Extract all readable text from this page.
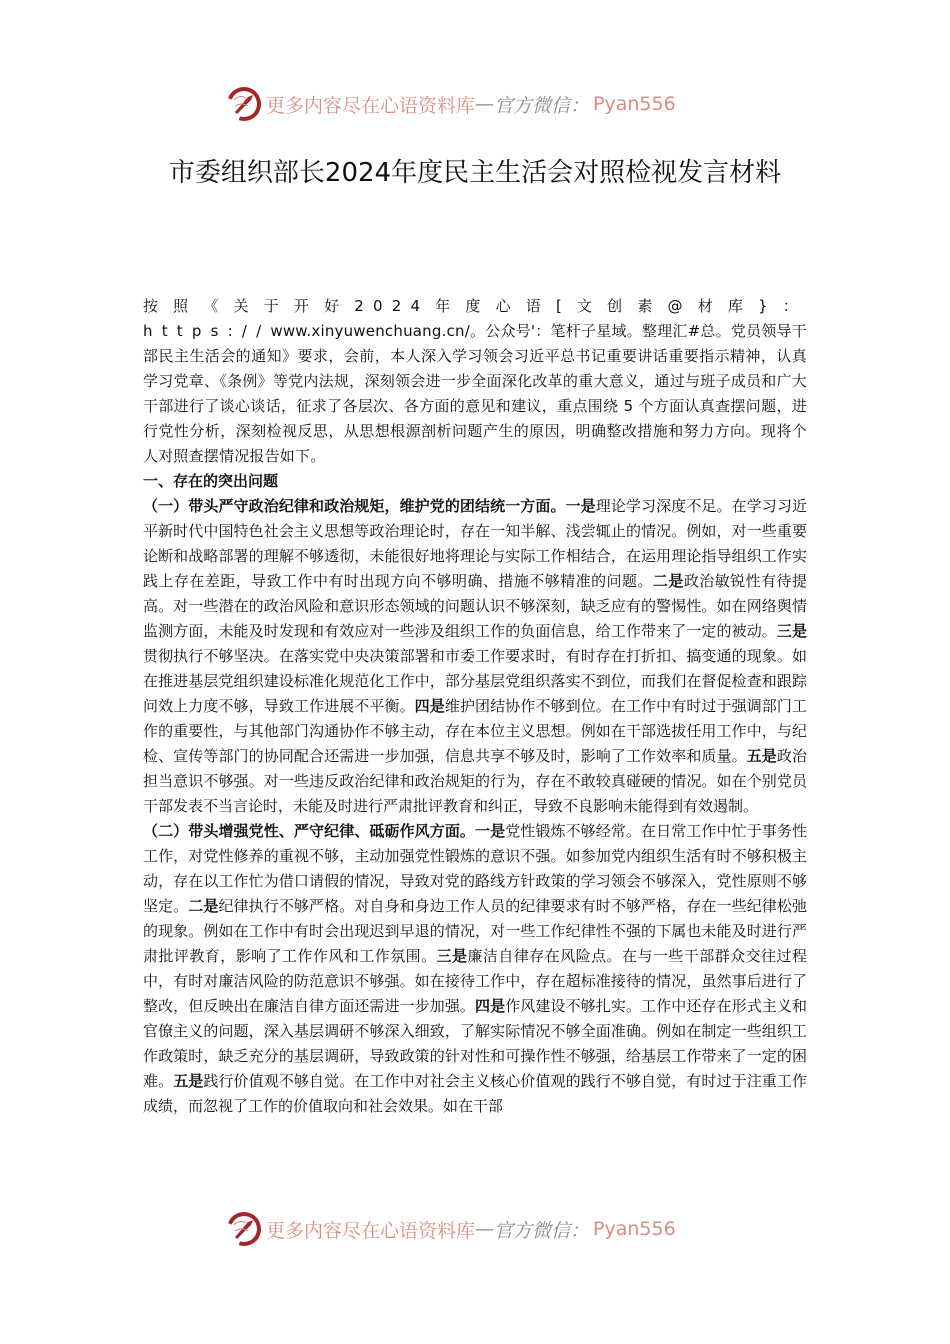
更多内容尽在心语资料库 — 官方微信： Pyan556
市委组织部长2024年度民主生活会对照检视发言材料

按照《关于开好2024年度心语[文创素@材库}：https://www.xinyuwenchuang.cn/。公众号'：笔杆子星域。整理汇#总。党员领导干部民主生活会的通知》要求，会前，本人深入学习领会习近平总书记重要讲话重要指示精神，认真学习党章、《条例》等党内法规，深刻领会进一步全面深化改革的重大意义，通过与班子成员和广大干部进行了谈心谈话，征求了各层次、各方面的意见和建议，重点围绕 5 个方面认真查摆问题，进行党性分析，深刻检视反思，从思想根源剖析问题产生的原因，明确整改措施和努力方向。现将个人对照查摆情况报告如下。

一、存在的突出问题

（一）带头严守政治纪律和政治规矩，维护党的团结统一方面。一是理论学习深度不足。在学习习近平新时代中国特色社会主义思想等政治理论时，存在一知半解、浅尝辄止的情况。例如，对一些重要论断和战略部署的理解不够透彻，未能很好地将理论与实际工作相结合，在运用理论指导组织工作实践上存在差距，导致工作中有时出现方向不够明确、措施不够精准的问题。二是政治敏锐性有待提高。对一些潜在的政治风险和意识形态领域的问题认识不够深刻，缺乏应有的警惕性。如在网络舆情监测方面，未能及时发现和有效应对一些涉及组织工作的负面信息，给工作带来了一定的被动。三是贯彻执行不够坚决。在落实党中央决策部署和市委工作要求时，有时存在打折扣、搞变通的现象。如在推进基层党组织建设标准化规范化工作中，部分基层党组织落实不到位，而我们在督促检查和跟踪问效上力度不够，导致工作进展不平衡。四是维护团结协作不够到位。在工作中有时过于强调部门工作的重要性，与其他部门沟通协作不够主动，存在本位主义思想。例如在干部选拔任用工作中，与纪检、宣传等部门的协同配合还需进一步加强，信息共享不够及时，影响了工作效率和质量。五是政治担当意识不够强。对一些违反政治纪律和政治规矩的行为，存在不敢较真碰硬的情况。如在个别党员干部发表不当言论时，未能及时进行严肃批评教育和纠正，导致不良影响未能得到有效遏制。

（二）带头增强党性、严守纪律、砥砺作风方面。一是党性锻炼不够经常。在日常工作中忙于事务性工作，对党性修养的重视不够，主动加强党性锻炼的意识不强。如参加党内组织生活有时不够积极主动，存在以工作忙为借口请假的情况，导致对党的路线方针政策的学习领会不够深入，党性原则不够坚定。二是纪律执行不够严格。对自身和身边工作人员的纪律要求有时不够严格，存在一些纪律松弛的现象。例如在工作中有时会出现迟到早退的情况，对一些工作纪律性不强的下属也未能及时进行严肃批评教育，影响了工作作风和工作氛围。三是廉洁自律存在风险点。在与一些干部群众交往过程中，有时对廉洁风险的防范意识不够强。如在接待工作中，存在超标准接待的情况，虽然事后进行了整改，但反映出在廉洁自律方面还需进一步加强。四是作风建设不够扎实。工作中还存在形式主义和官僚主义的问题，深入基层调研不够深入细致，了解实际情况不够全面准确。例如在制定一些组织工作政策时，缺乏充分的基层调研，导致政策的针对性和可操作性不够强，给基层工作带来了一定的困难。五是践行价值观不够自觉。在工作中对社会主义核心价值观的践行不够自觉，有时过于注重工作成绩，而忽视了工作的价值取向和社会效果。如在干部

更多内容尽在心语资料库 — 官方微信： Pyan556
